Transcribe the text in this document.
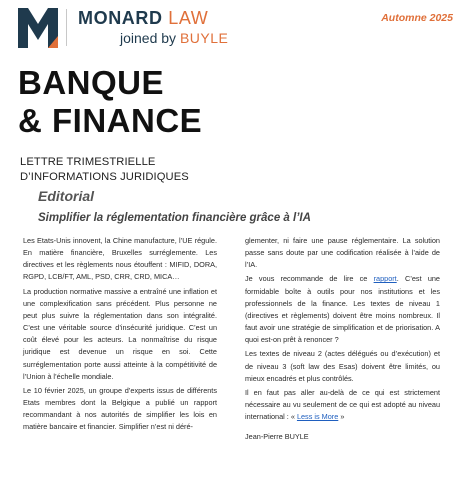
MONARD LAW
joined by BUYLE
Automne 2025
BANQUE
& FINANCE
LETTRE TRIMESTRIELLE
D’INFORMATIONS JURIDIQUES
Editorial
Simplifier la réglementation financière grâce à l’IA

Les Etats-Unis innovent, la Chine manufacture, l’UE régule. En matière financière, Bruxelles surréglemente. Les directives et les règlements nous étouffent : MIFID, DORA, RGPD, LCB/FT, AML, PSD, CRR, CRD, MICA…

La production normative massive a entraîné une inflation et une complexification sans précédent. Plus personne ne peut plus suivre la réglementation dans son intégralité. C’est une véritable source d’insécurité juridique. C’est un coût élevé pour les acteurs. La nonmaîtrise du risque juridique est devenue un risque en soi. Cette surréglementation porte aussi atteinte à la compétitivité de l’Union à l’échelle mondiale.

Le 10 février 2025, un groupe d’experts issus de différents Etats membres dont la Belgique a publié un rapport recommandant à nos autorités de simplifier les lois en matière bancaire et financier. Simplifier n’est ni déré-

glementer, ni faire une pause réglementaire. La solution passe sans doute par une codification réalisée à l’aide de l’IA.

Je vous recommande de lire ce rapport. C’est une formidable boîte à outils pour nos institutions et les professionnels de la finance. Les textes de niveau 1 (directives et règlements) doivent être moins nombreux. Il faut avoir une stratégie de simplification et de priorisation. A quoi est-on prêt à renoncer ?

Les textes de niveau 2 (actes délégués ou d’exécution) et de niveau 3 (soft law des Esas) doivent être limités, ou mieux encadrés et plus contrôlés.

Il en faut pas aller au-delà de ce qui est strictement nécessaire au vu seulement de ce qui est adopté au niveau international : « Less is More »

Jean-Pierre BUYLE
